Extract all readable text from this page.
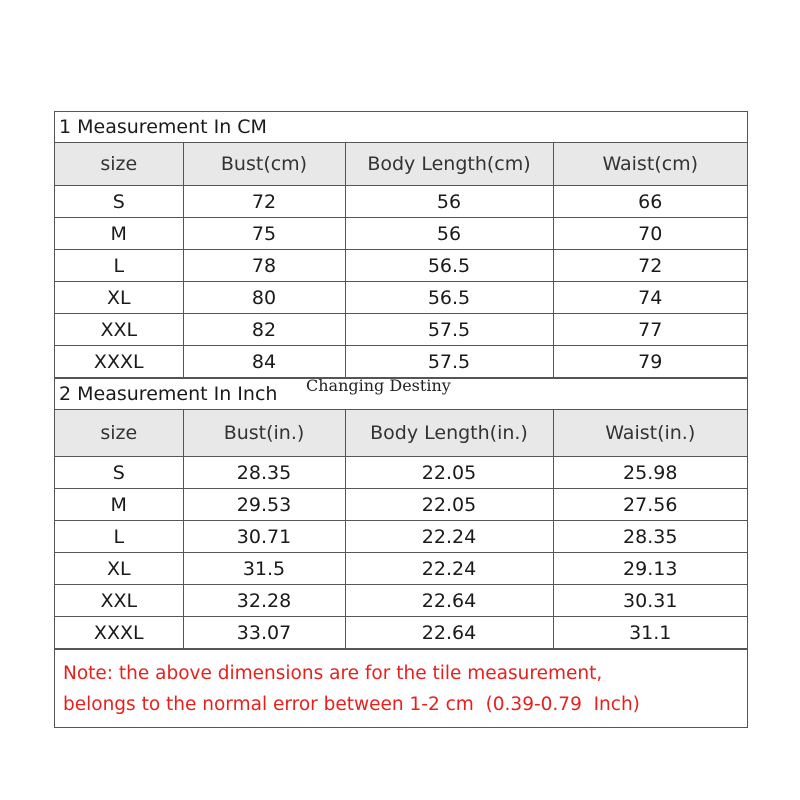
1 Measurement In CM
size	Bust(cm)	Body Length(cm)	Waist(cm)
S	72	56	66
M	75	56	70
L	78	56.5	72
XL	80	56.5	74
XXL	82	57.5	77
XXXL	84	57.5	79
2 Measurement In Inch
size	Bust(in.)	Body Length(in.)	Waist(in.)
S	28.35	22.05	25.98
M	29.53	22.05	27.56
L	30.71	22.24	28.35
XL	31.5	22.24	29.13
XXL	32.28	22.64	30.31
XXXL	33.07	22.64	31.1
Note: the above dimensions are for the tile measurement,
belongs to the normal error between 1-2 cm  (0.39-0.79  Inch)
Changing Destiny
